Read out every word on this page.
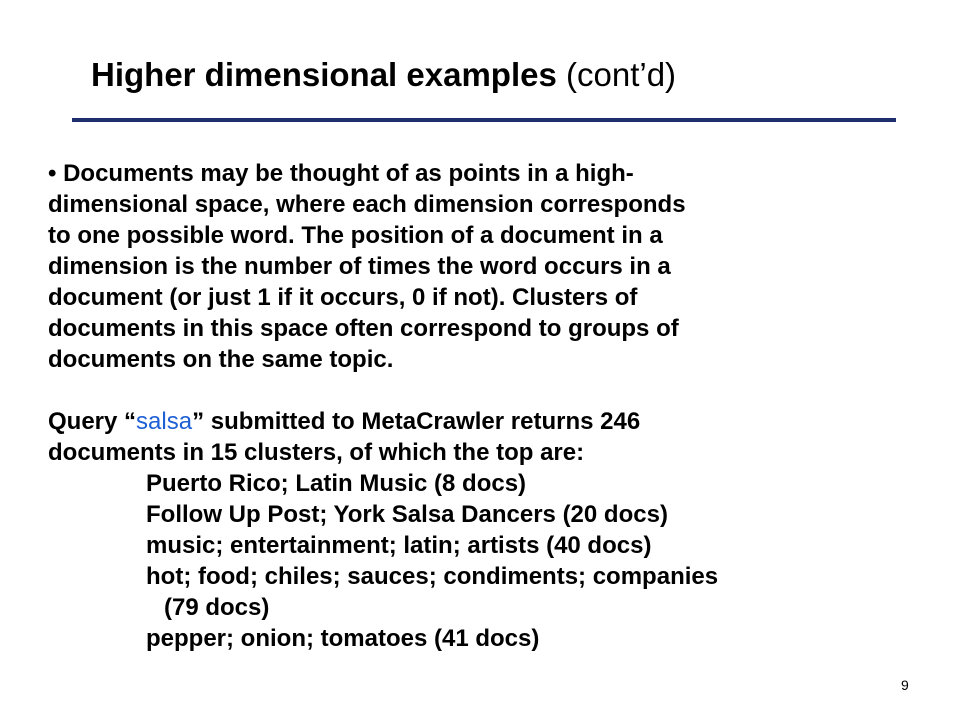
Higher dimensional examples (cont’d)
• Documents may be thought of as points in a high-
dimensional space, where each dimension corresponds
to one possible word. The position of a document in a
dimension is the number of times the word occurs in a
document (or just 1 if it occurs, 0 if not). Clusters of
documents in this space often correspond to groups of
documents on the same topic.
Query “salsa” submitted to MetaCrawler returns 246
documents in 15 clusters, of which the top are:
Puerto Rico; Latin Music (8 docs)
Follow Up Post; York Salsa Dancers (20 docs)
music; entertainment; latin; artists (40 docs)
hot; food; chiles; sauces; condiments; companies
(79 docs)
pepper; onion; tomatoes (41 docs)
9
